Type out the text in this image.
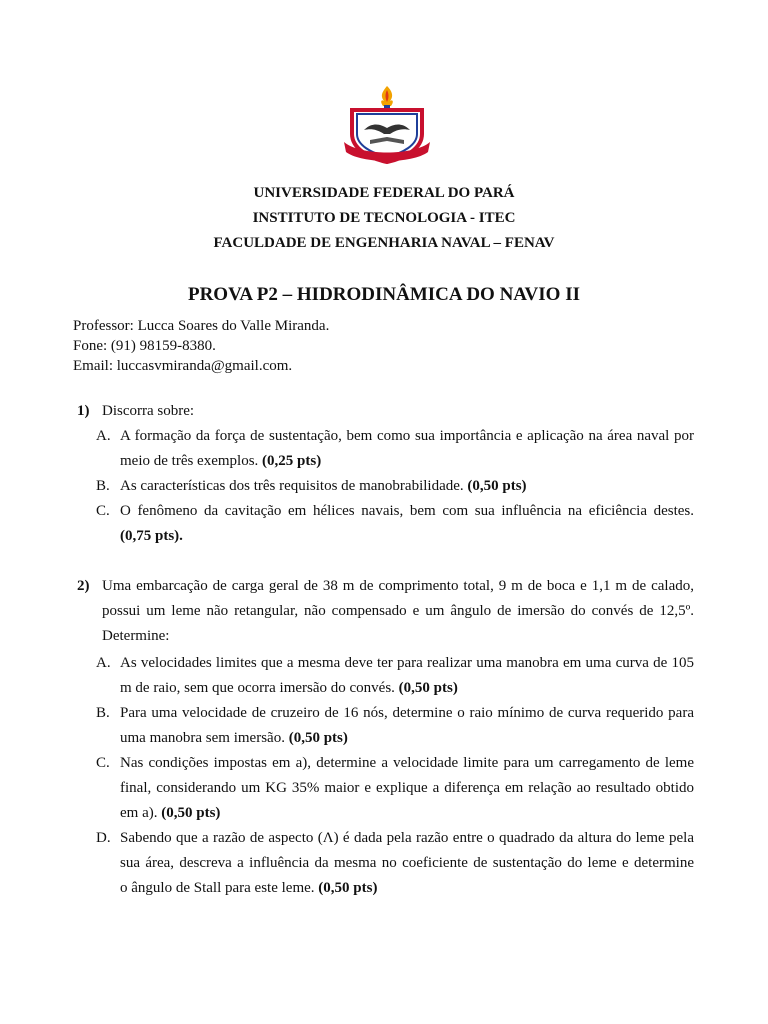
UNIVERSIDADE FEDERAL DO PARÁ
INSTITUTO DE TECNOLOGIA - ITEC
FACULDADE DE ENGENHARIA NAVAL – FENAV
PROVA P2 – HIDRODINÂMICA DO NAVIO II
Professor: Lucca Soares do Valle Miranda.
Fone: (91) 98159-8380.
Email: luccasvmiranda@gmail.com.
1) Discorra sobre:
A. A formação da força de sustentação, bem como sua importância e aplicação na área naval por
meio de três exemplos. (0,25 pts)
B. As características dos três requisitos de manobrabilidade. (0,50 pts)
C. O fenômeno da cavitação em hélices navais, bem com sua influência na eficiência destes.
(0,75 pts).
2) Uma embarcação de carga geral de 38 m de comprimento total, 9 m de boca e 1,1 m de calado,
possui um leme não retangular, não compensado e um ângulo de imersão do convés de 12,5º.
Determine:
A. As velocidades limites que a mesma deve ter para realizar uma manobra em uma curva de 105
m de raio, sem que ocorra imersão do convés. (0,50 pts)
B. Para uma velocidade de cruzeiro de 16 nós, determine o raio mínimo de curva requerido para
uma manobra sem imersão. (0,50 pts)
C. Nas condições impostas em a), determine a velocidade limite para um carregamento de leme
final, considerando um KG 35% maior e explique a diferença em relação ao resultado obtido
em a). (0,50 pts)
D. Sabendo que a razão de aspecto (Λ) é dada pela razão entre o quadrado da altura do leme pela
sua área, descreva a influência da mesma no coeficiente de sustentação do leme e determine
o ângulo de Stall para este leme. (0,50 pts)
